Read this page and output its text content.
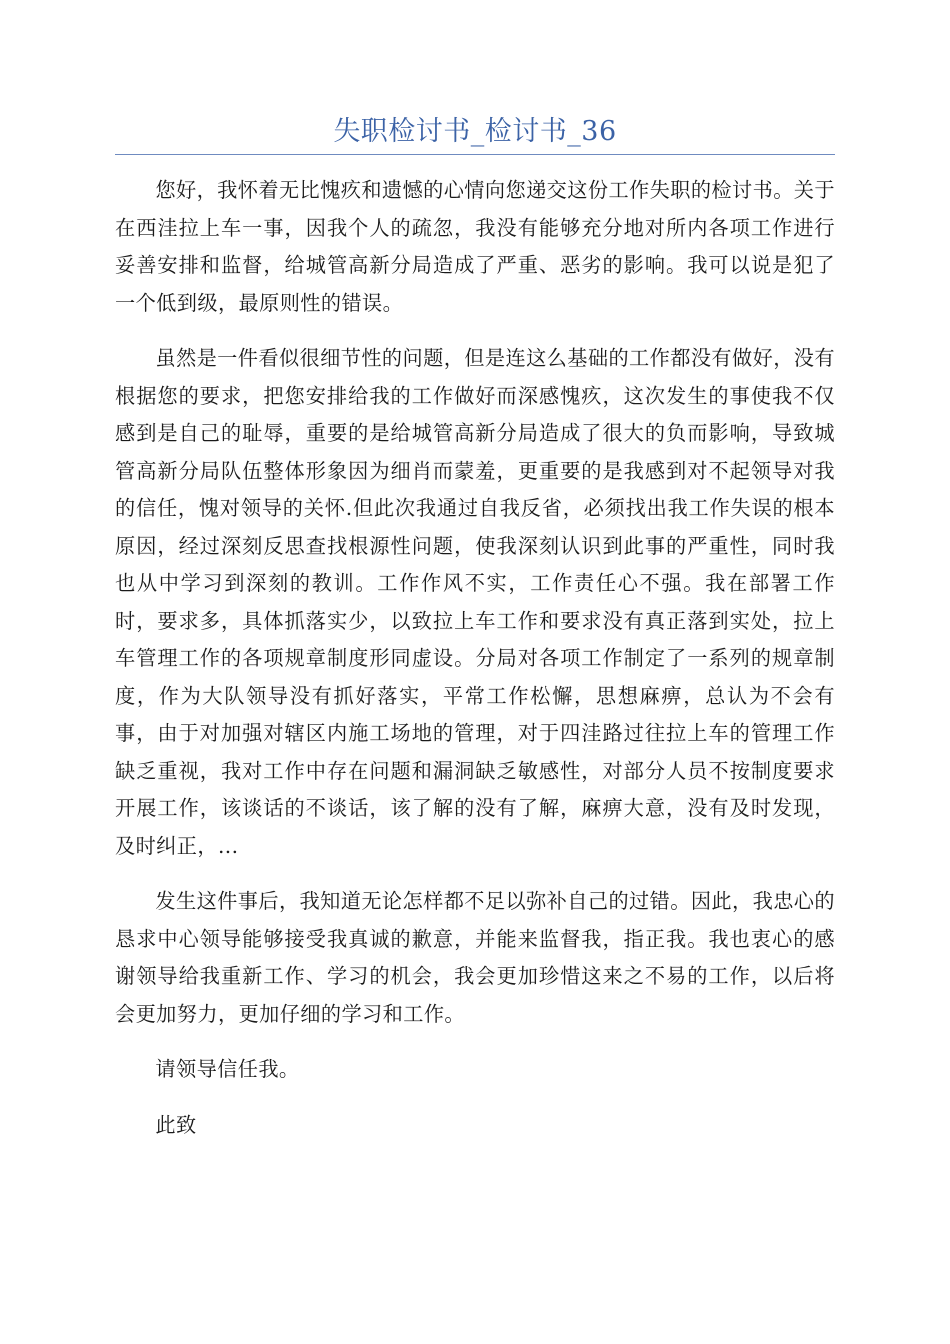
失职检讨书_检讨书_36

您好，我怀着无比愧疚和遗憾的心情向您递交这份工作失职的检讨书。关于在西洼拉上车一事，因我个人的疏忽，我没有能够充分地对所内各项工作进行妥善安排和监督，给城管高新分局造成了严重、恶劣的影响。我可以说是犯了一个低到级，最原则性的错误。

虽然是一件看似很细节性的问题，但是连这么基础的工作都没有做好，没有根据您的要求，把您安排给我的工作做好而深感愧疚，这次发生的事使我不仅感到是自己的耻辱，重要的是给城管高新分局造成了很大的负而影响，导致城管高新分局队伍整体形象因为细肖而蒙羞，更重要的是我感到对不起领导对我的信任，愧对领导的关怀.但此次我通过自我反省，必须找出我工作失误的根本原因，经过深刻反思查找根源性问题，使我深刻认识到此事的严重性，同时我也从中学习到深刻的教训。工作作风不实，工作责任心不强。我在部署工作时，要求多，具体抓落实少，以致拉上车工作和要求没有真正落到实处，拉上车管理工作的各项规章制度形同虚设。分局对各项工作制定了一系列的规章制度，作为大队领导没有抓好落实，平常工作松懈，思想麻痹，总认为不会有事，由于对加强对辖区内施工场地的管理，对于四洼路过往拉上车的管理工作缺乏重视，我对工作中存在问题和漏洞缺乏敏感性，对部分人员不按制度要求开展工作，该谈话的不谈话，该了解的没有了解，麻痹大意，没有及时发现，及时纠正，...

发生这件事后，我知道无论怎样都不足以弥补自己的过错。因此，我忠心的恳求中心领导能够接受我真诚的歉意，并能来监督我，指正我。我也衷心的感谢领导给我重新工作、学习的机会，我会更加珍惜这来之不易的工作，以后将会更加努力，更加仔细的学习和工作。

请领导信任我。

此致
